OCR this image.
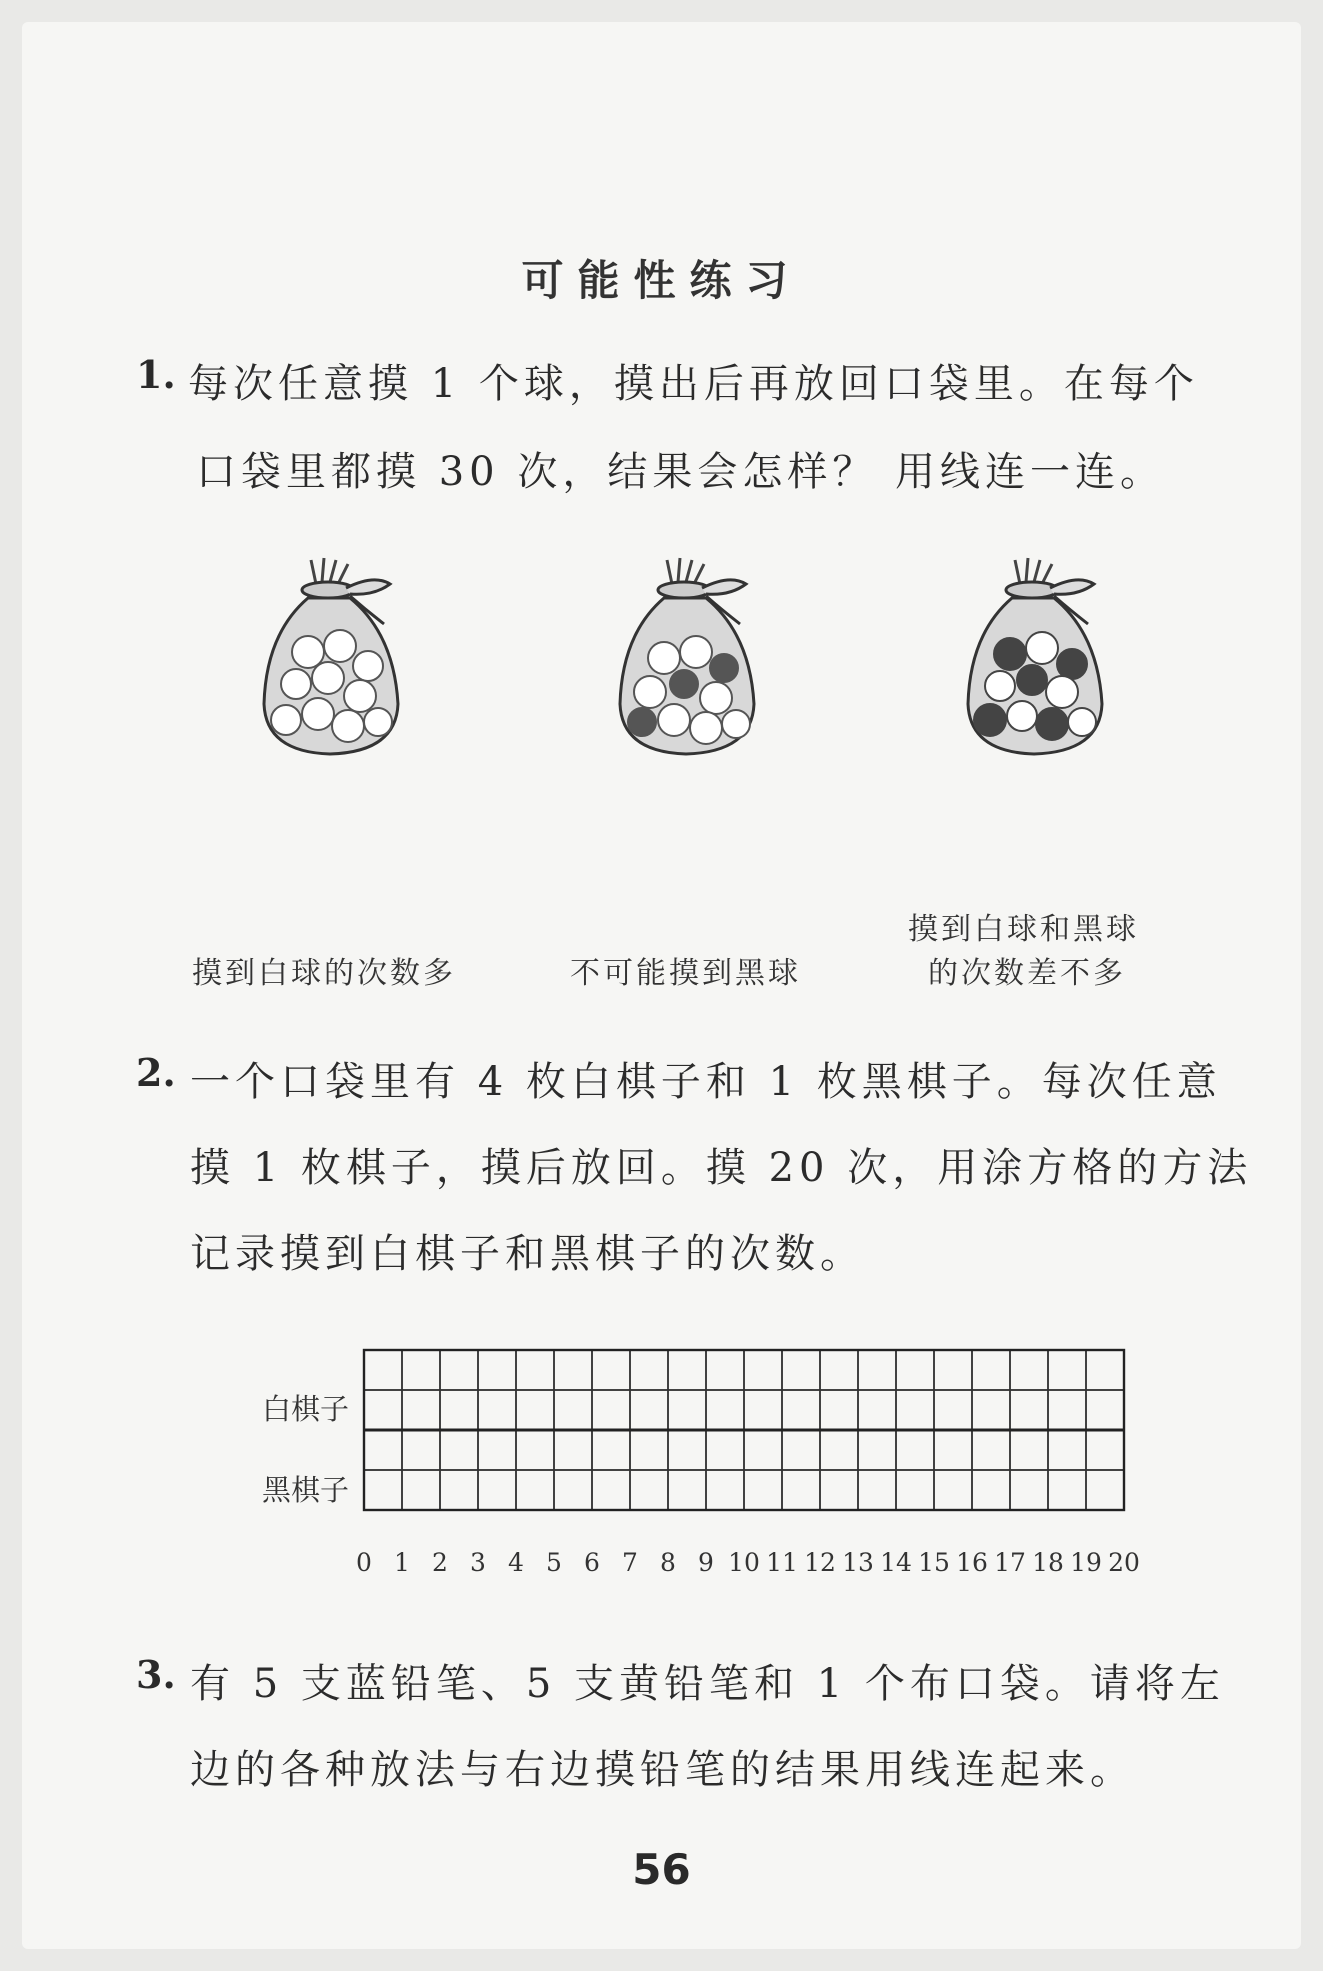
可能性练习
1. 每次任意摸 1 个球，摸出后再放回口袋里。在每个
口袋里都摸 30 次，结果会怎样？ 用线连一连。
摸到白球的次数多	不可能摸到黑球
摸到白球和黑球
的次数差不多
2. 一个口袋里有 4 枚白棋子和 1 枚黑棋子。每次任意
摸 1 枚棋子，摸后放回。摸 20 次，用涂方格的方法
记录摸到白棋子和黑棋子的次数。
白棋子
黑棋子
0 1 2 3 4 5 6 7 8 9 10 11 12 13 14 15 16 17 18 19 20
3. 有 5 支蓝铅笔、5 支黄铅笔和 1 个布口袋。请将左
边的各种放法与右边摸铅笔的结果用线连起来。
56
